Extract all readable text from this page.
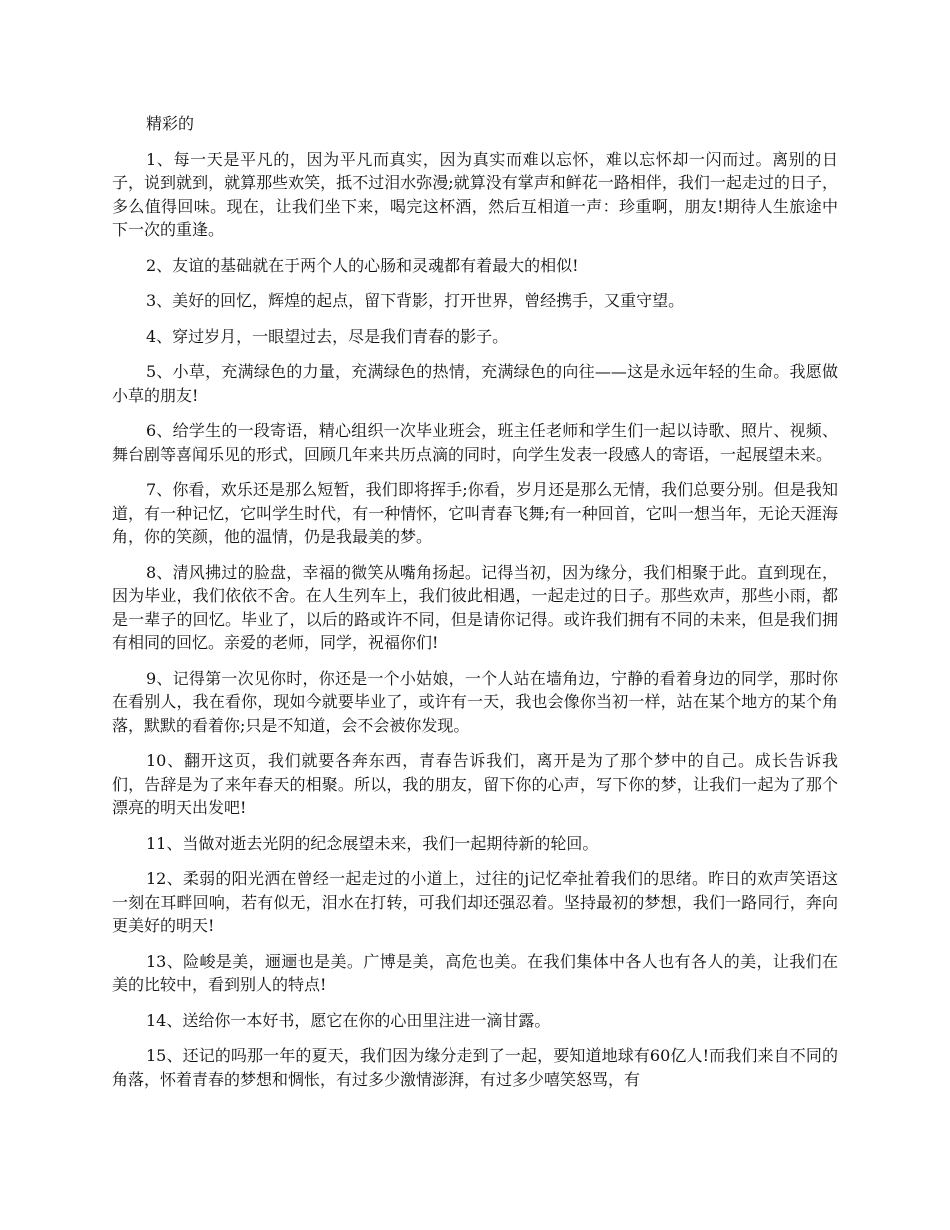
精彩的

1、每一天是平凡的，因为平凡而真实，因为真实而难以忘怀，难以忘怀却一闪而过。离别的日子，说到就到，就算那些欢笑，抵不过泪水弥漫;就算没有掌声和鲜花一路相伴，我们一起走过的日子，多么值得回味。现在，让我们坐下来，喝完这杯酒，然后互相道一声：珍重啊，朋友!期待人生旅途中下一次的重逢。

2、友谊的基础就在于两个人的心肠和灵魂都有着最大的相似!

3、美好的回忆，辉煌的起点，留下背影，打开世界，曾经携手，又重守望。

4、穿过岁月，一眼望过去，尽是我们青春的影子。

5、小草，充满绿色的力量，充满绿色的热情，充满绿色的向往——这是永远年轻的生命。我愿做小草的朋友!

6、给学生的一段寄语，精心组织一次毕业班会，班主任老师和学生们一起以诗歌、照片、视频、舞台剧等喜闻乐见的形式，回顾几年来共历点滴的同时，向学生发表一段感人的寄语，一起展望未来。

7、你看，欢乐还是那么短暂，我们即将挥手;你看，岁月还是那么无情，我们总要分别。但是我知道，有一种记忆，它叫学生时代，有一种情怀，它叫青春飞舞;有一种回首，它叫一想当年，无论天涯海角，你的笑颜，他的温情，仍是我最美的梦。

8、清风拂过的脸盘，幸福的微笑从嘴角扬起。记得当初，因为缘分，我们相聚于此。直到现在，因为毕业，我们依依不舍。在人生列车上，我们彼此相遇，一起走过的日子。那些欢声，那些小雨，都是一辈子的回忆。毕业了，以后的路或许不同，但是请你记得。或许我们拥有不同的未来，但是我们拥有相同的回忆。亲爱的老师，同学，祝福你们!

9、记得第一次见你时，你还是一个小姑娘，一个人站在墙角边，宁静的看着身边的同学，那时你在看别人，我在看你，现如今就要毕业了，或许有一天，我也会像你当初一样，站在某个地方的某个角落，默默的看着你;只是不知道，会不会被你发现。

10、翻开这页，我们就要各奔东西，青春告诉我们，离开是为了那个梦中的自己。成长告诉我们，告辞是为了来年春天的相聚。所以，我的朋友，留下你的心声，写下你的梦，让我们一起为了那个漂亮的明天出发吧!

11、当做对逝去光阴的纪念展望未来，我们一起期待新的轮回。

12、柔弱的阳光洒在曾经一起走过的小道上，过往的j记忆牵扯着我们的思绪。昨日的欢声笑语这一刻在耳畔回响，若有似无，泪水在打转，可我们却还强忍着。坚持最初的梦想，我们一路同行，奔向更美好的明天!

13、险峻是美，逦逦也是美。广博是美，高危也美。在我们集体中各人也有各人的美，让我们在美的比较中，看到别人的特点!

14、送给你一本好书，愿它在你的心田里注进一滴甘露。

15、还记的吗那一年的夏天，我们因为缘分走到了一起，要知道地球有60亿人!而我们来自不同的角落，怀着青春的梦想和惆怅，有过多少激情澎湃，有过多少嘻笑怒骂，有
